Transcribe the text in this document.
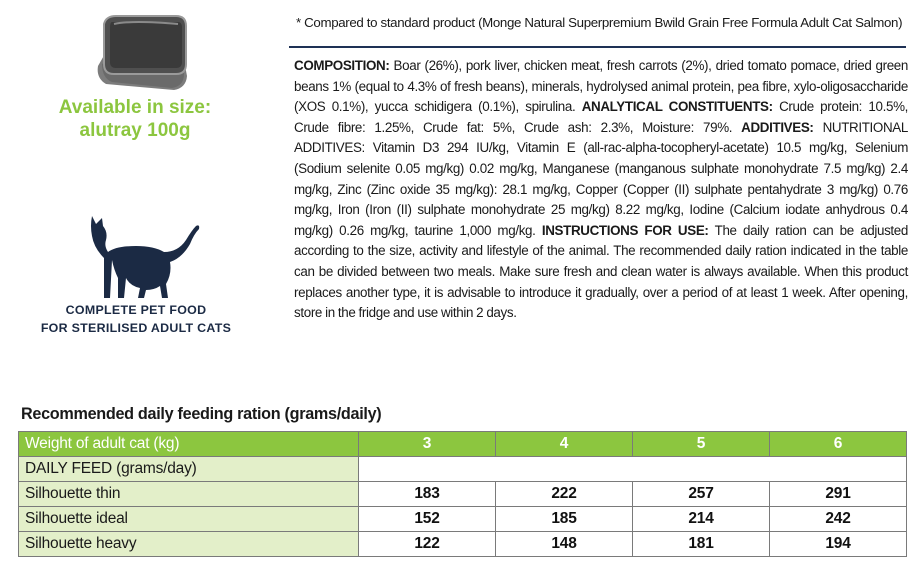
Available in size:
alutray 100g
COMPLETE PET FOOD
FOR STERILISED ADULT CATS
* Compared to standard product (Monge Natural Superpremium Bwild Grain Free Formula Adult Cat Salmon)

COMPOSITION: Boar (26%), pork liver, chicken meat, fresh carrots (2%), dried tomato pomace, dried green beans 1% (equal to 4.3% of fresh beans), minerals, hydrolysed animal protein, pea fibre, xylo-oligosaccharide (XOS 0.1%), yucca schidigera (0.1%), spirulina. ANALYTICAL CONSTITUENTS: Crude protein: 10.5%, Crude fibre: 1.25%, Crude fat: 5%, Crude ash: 2.3%, Moisture: 79%. ADDITIVES: NUTRITIONAL ADDITIVES: Vitamin D3 294 IU/kg, Vitamin E (all-rac-alpha-tocopheryl-acetate) 10.5 mg/kg, Selenium (Sodium selenite 0.05 mg/kg) 0.02 mg/kg, Manganese (manganous sulphate monohydrate 7.5 mg/kg) 2.4 mg/kg, Zinc (Zinc oxide 35 mg/kg): 28.1 mg/kg, Copper (Copper (II) sulphate pentahydrate 3 mg/kg) 0.76 mg/kg, Iron (Iron (II) sulphate monohydrate 25 mg/kg) 8.22 mg/kg, Iodine (Calcium iodate anhydrous 0.4 mg/kg) 0.26 mg/kg, taurine 1,000 mg/kg. INSTRUCTIONS FOR USE: The daily ration can be adjusted according to the size, activity and lifestyle of the animal. The recommended daily ration indicated in the table can be divided between two meals. Make sure fresh and clean water is always available. When this product replaces another type, it is advisable to introduce it gradually, over a period of at least 1 week. After opening, store in the fridge and use within 2 days.

Recommended daily feeding ration (grams/daily)
Weight of adult cat (kg)	3	4	5	6
DAILY FEED (grams/day)				
Silhouette thin	183	222	257	291
Silhouette ideal	152	185	214	242
Silhouette heavy	122	148	181	194
